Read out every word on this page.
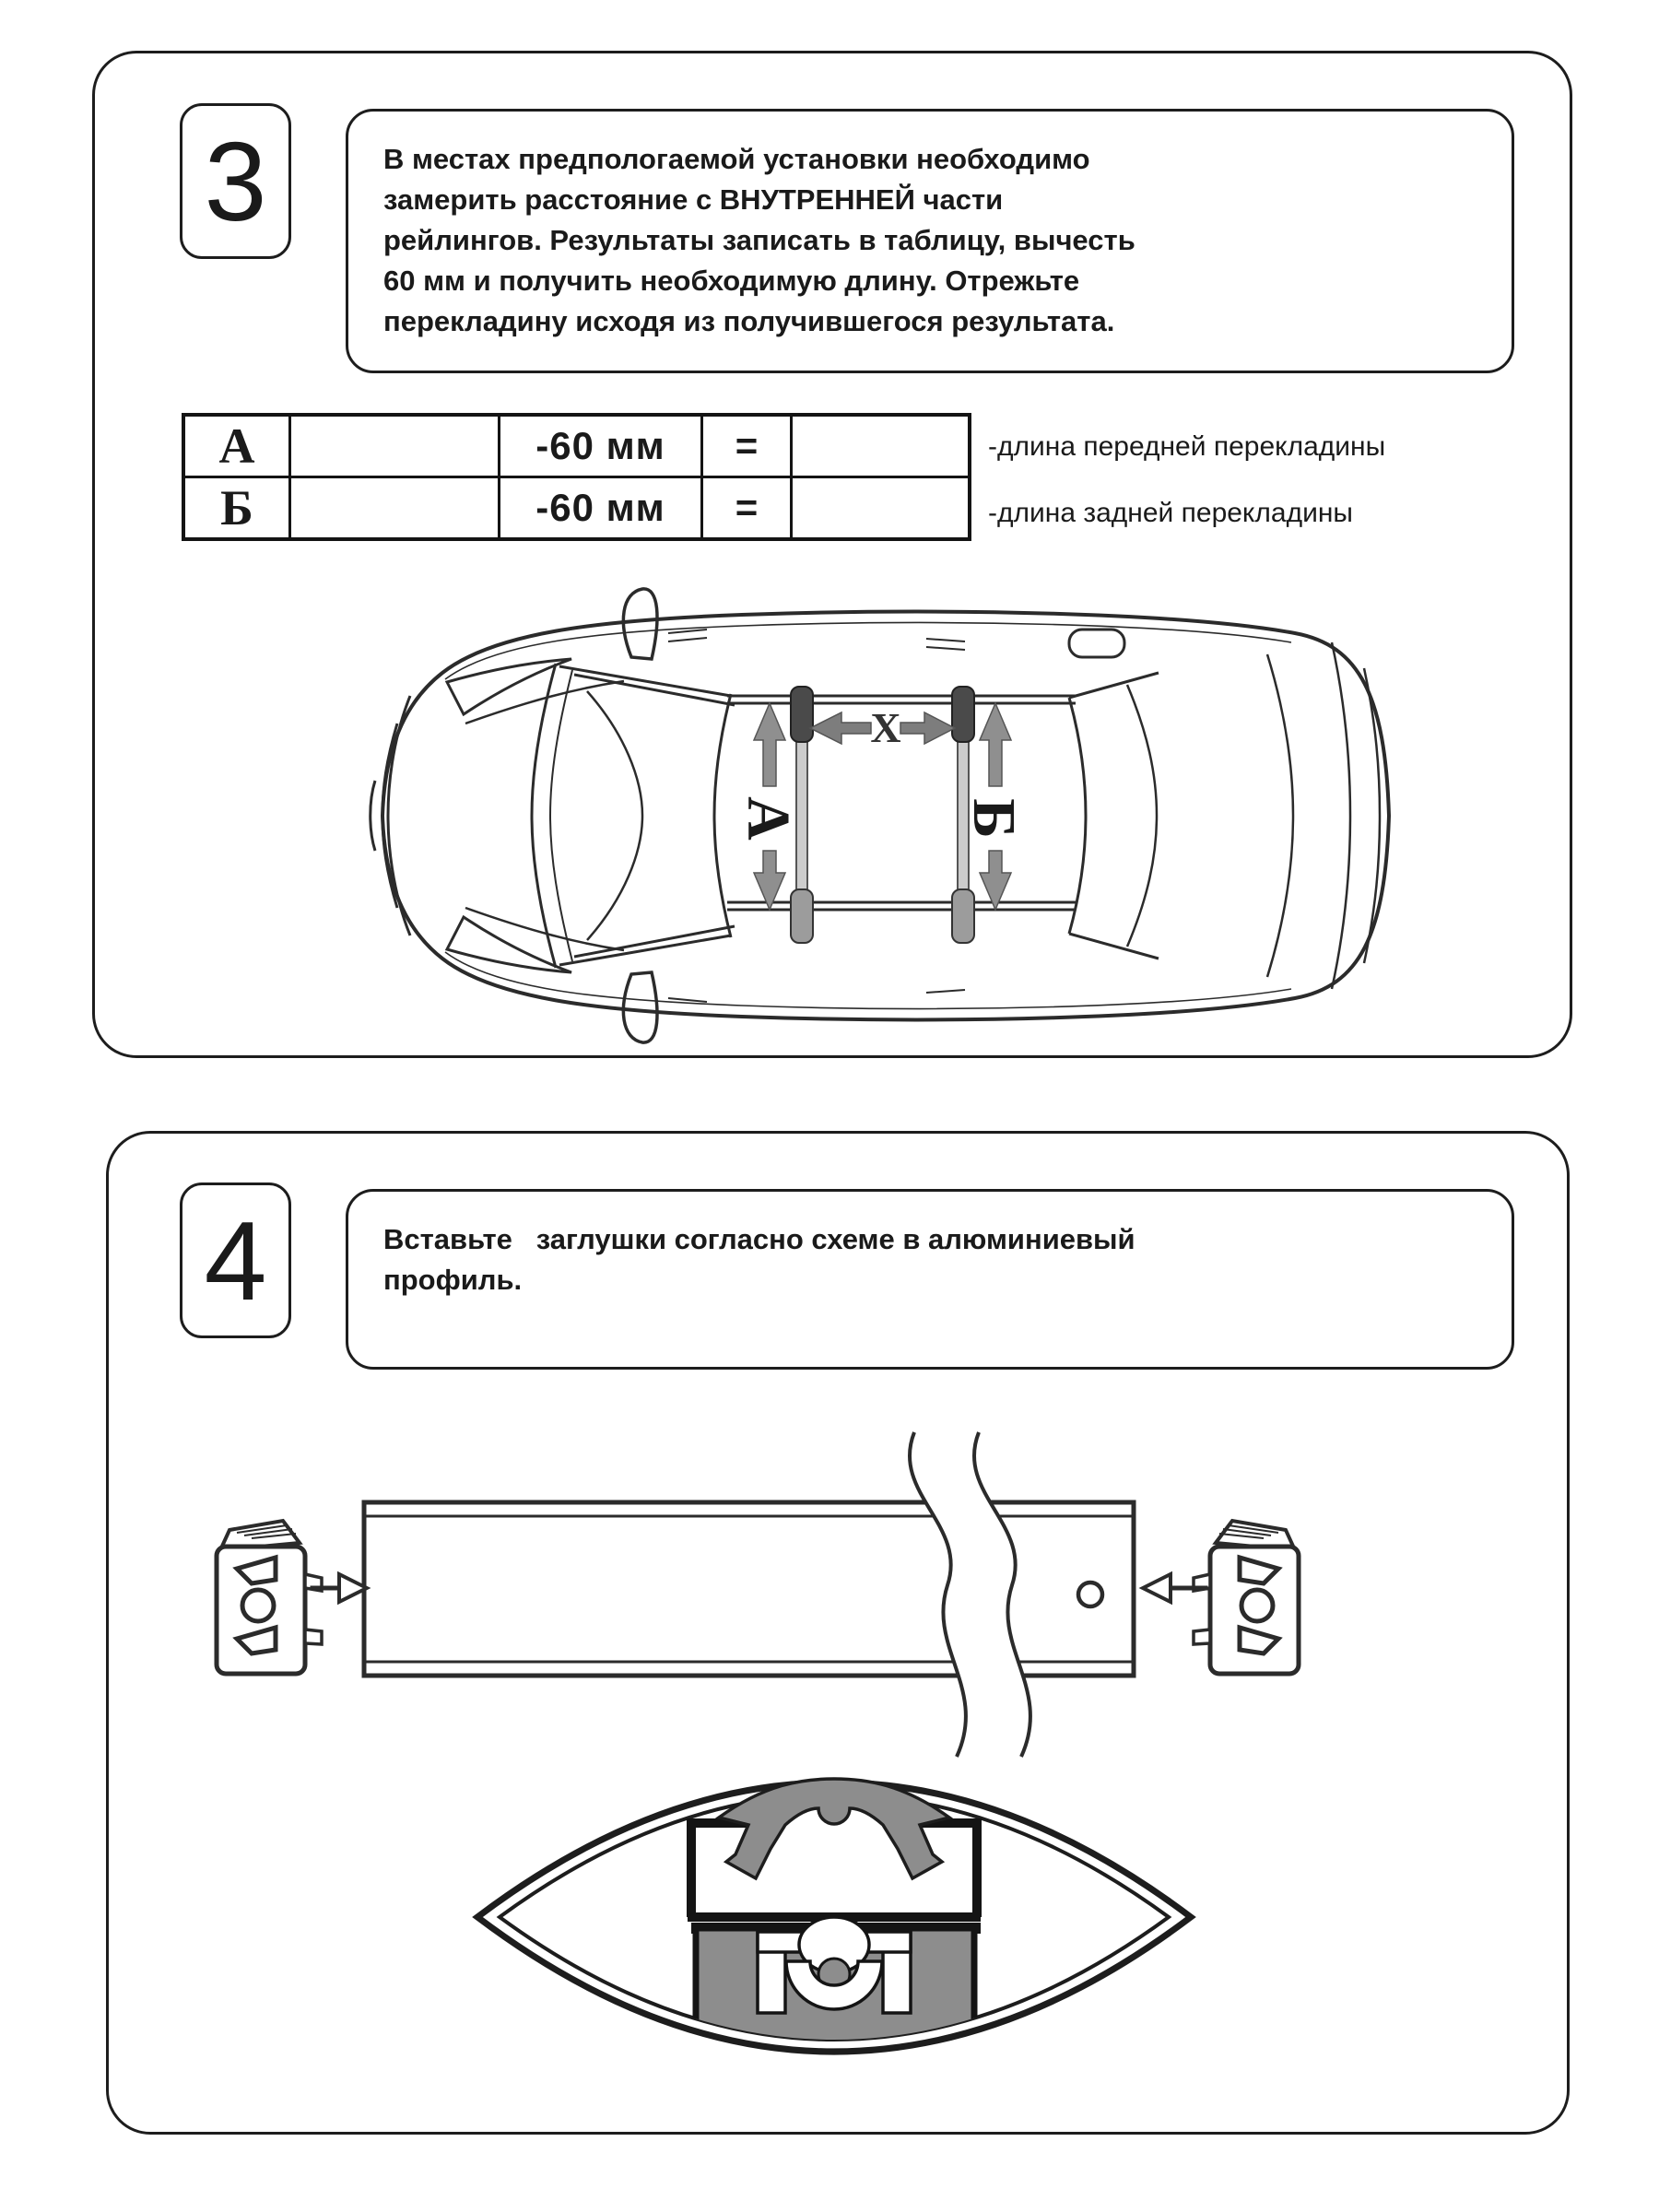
3	В местах предпологаемой установки необходимо замерить расстояние с ВНУТРЕННЕЙ части рейлингов. Результаты записать в таблицу, вычесть 60 мм и получить необходимую длину. Отрежьте перекладину исходя из получившегося результата.
А		-60 мм	=	
Б		-60 мм	=	
-длина передней перекладины
-длина задней перекладины
А	Б
X
4	Вставьте   заглушки согласно схеме в алюминиевый профиль.
